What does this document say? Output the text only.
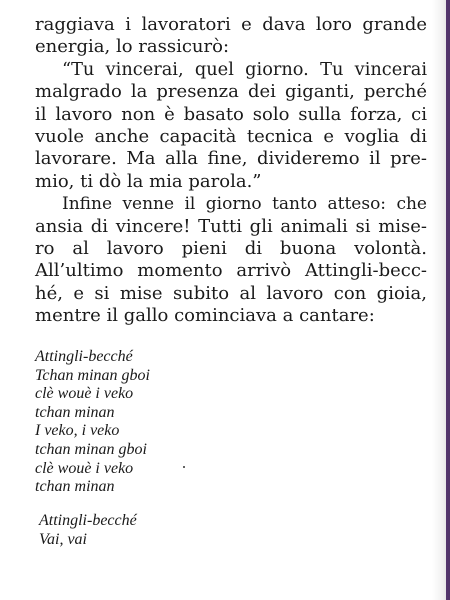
raggiava i lavoratori e dava loro grande
energia, lo rassicurò:
“Tu vincerai, quel giorno. Tu vincerai
malgrado la presenza dei giganti, perché
il lavoro non è basato solo sulla forza, ci
vuole anche capacità tecnica e voglia di
lavorare. Ma alla fine, divideremo il pre-
mio, ti dò la mia parola.”
Infine venne il giorno tanto atteso: che
ansia di vincere! Tutti gli animali si mise-
ro al lavoro pieni di buona volontà.
All’ultimo momento arrivò Attingli-becc-
hé, e si mise subito al lavoro con gioia,
mentre il gallo cominciava a cantare:
Attingli-becché
Tchan minan gboi
clè wouè i veko
tchan minan
I veko, i veko
tchan minan gboi
clè wouè i veko
tchan minan
Attingli-becché
Vai, vai
